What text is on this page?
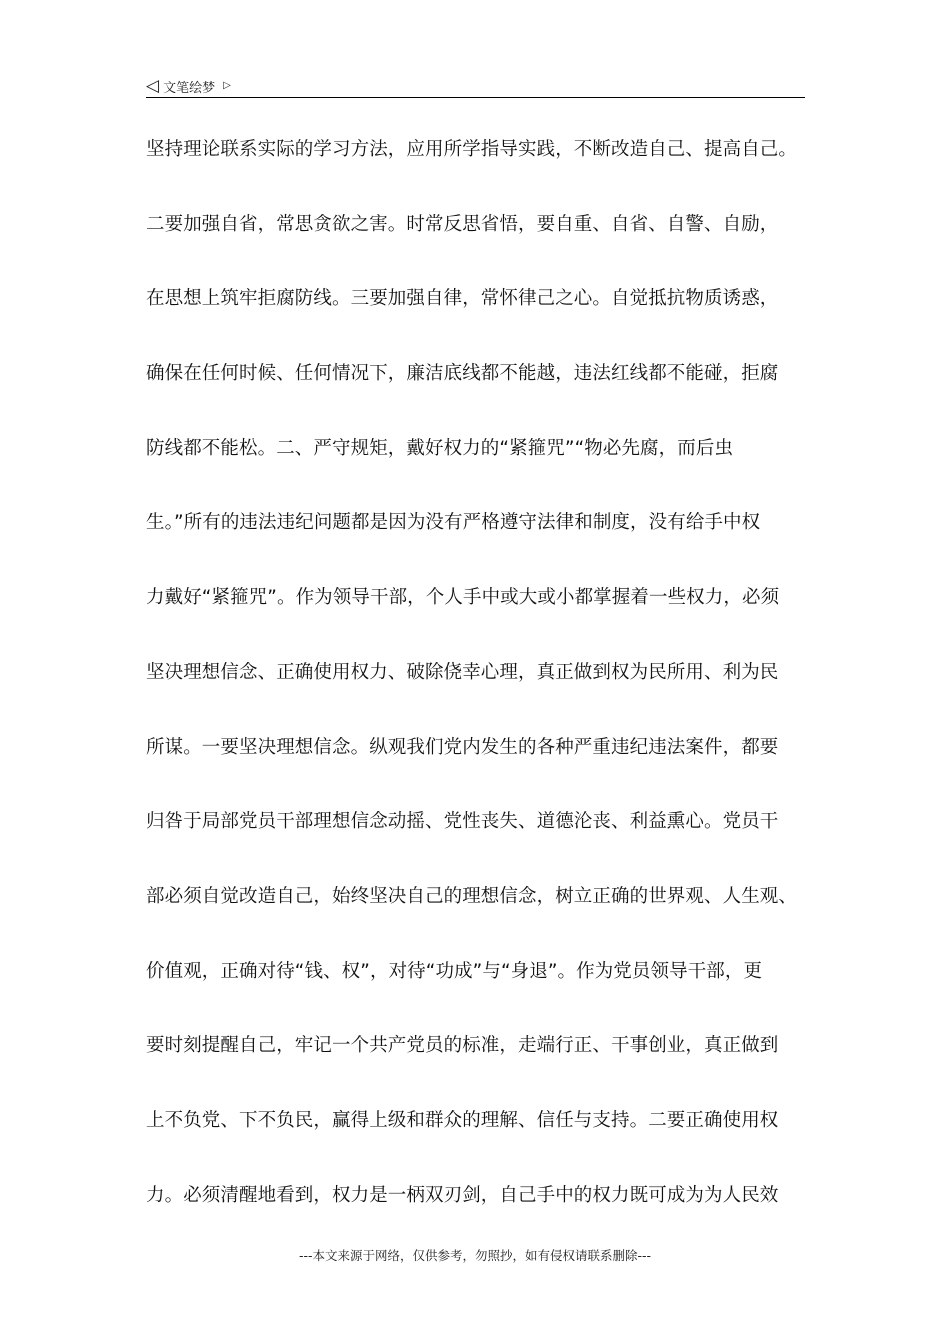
◁ 文笔绘梦 ▷
坚持理论联系实际的学习方法，应用所学指导实践，不断改造自己、提高自己。
二要加强自省，常思贪欲之害。时常反思省悟，要自重、自省、自警、自励，
在思想上筑牢拒腐防线。三要加强自律，常怀律己之心。自觉抵抗物质诱惑，
确保在任何时候、任何情况下，廉洁底线都不能越，违法红线都不能碰，拒腐
防线都不能松。二、严守规矩，戴好权力的“紧箍咒”“物必先腐，而后虫
生。”所有的违法违纪问题都是因为没有严格遵守法律和制度，没有给手中权
力戴好“紧箍咒”。作为领导干部，个人手中或大或小都掌握着一些权力，必须
坚决理想信念、正确使用权力、破除侥幸心理，真正做到权为民所用、利为民
所谋。一要坚决理想信念。纵观我们党内发生的各种严重违纪违法案件，都要
归咎于局部党员干部理想信念动摇、党性丧失、道德沦丧、利益熏心。党员干
部必须自觉改造自己，始终坚决自己的理想信念，树立正确的世界观、人生观、
价值观，正确对待“钱、权”，对待“功成”与“身退”。作为党员领导干部，更
要时刻提醒自己，牢记一个共产党员的标准，走端行正、干事创业，真正做到
上不负党、下不负民，赢得上级和群众的理解、信任与支持。二要正确使用权
力。必须清醒地看到，权力是一柄双刃剑，自己手中的权力既可成为为人民效
---本文来源于网络，仅供参考，勿照抄，如有侵权请联系删除---
